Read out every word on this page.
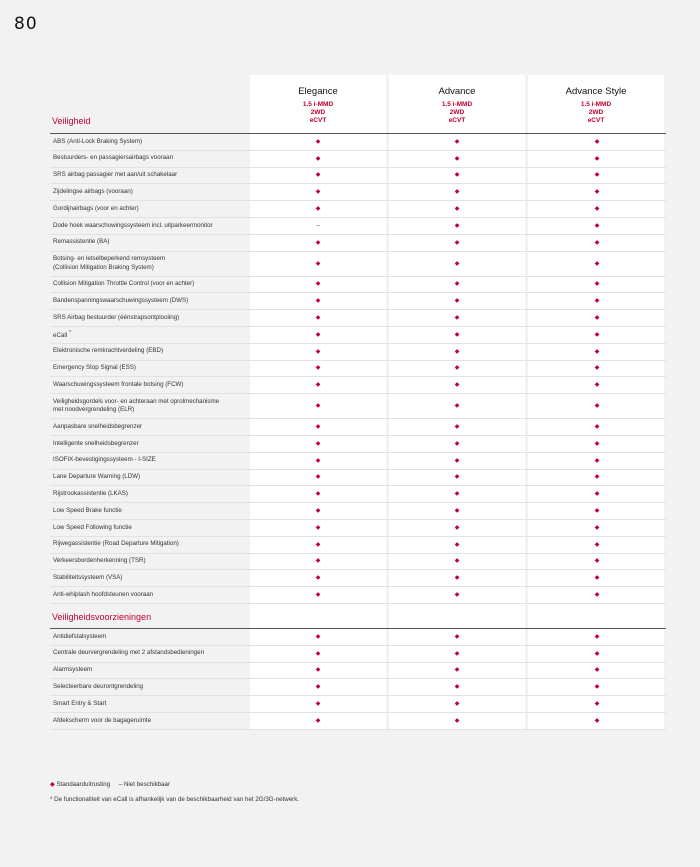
80
Elegance
1.5 i-MMD
2WD
eCVT
Advance
1.5 i-MMD
2WD
eCVT
Advance Style
1.5 i-MMD
2WD
eCVT
Veiligheid
ABS (Anti-Lock Braking System)	◆	◆	◆
Bestuurders- en passagiersairbags vooraan	◆	◆	◆
SRS airbag passagier met aan/uit schakelaar	◆	◆	◆
Zijdelingse airbags (vooraan)	◆	◆	◆
Gordijnairbags (voor en achter)	◆	◆	◆
Dode hoek waarschuwingssysteem incl. uitparkeermonitor	–	◆	◆
Remassistentie (BA)	◆	◆	◆
Botsing- en letselbeperkend remsysteem
(Collision Mitigation Braking System)	◆	◆	◆
Collision Mitigation Throttle Control (voor en achter)	◆	◆	◆
Bandenspanningswaarschuwingssysteem (DWS)	◆	◆	◆
SRS Airbag bestuurder (éénstrapsontplooiing)	◆	◆	◆
eCall *	◆	◆	◆
Elektronische remkrachtverdeling (EBD)	◆	◆	◆
Emergency Stop Signal (ESS)	◆	◆	◆
Waarschuwingssysteem frontale botsing (FCW)	◆	◆	◆
Veiligheidsgordels voor- en achteraan met oprolmechanisme
met noodvergrendeling (ELR)	◆	◆	◆
Aanpasbare snelheidsbegrenzer	◆	◆	◆
Intelligente snelheidsbegrenzer	◆	◆	◆
ISOFIX-bevestigingssysteem - I-SIZE	◆	◆	◆
Lane Departure Warning (LDW)	◆	◆	◆
Rijstrookassistentie (LKAS)	◆	◆	◆
Low Speed Brake functie	◆	◆	◆
Low Speed Following functie	◆	◆	◆
Rijwegassistentie (Road Departure Mitigation)	◆	◆	◆
Verkeersbordenherkenning (TSR)	◆	◆	◆
Stabiliteitssysteem (VSA)	◆	◆	◆
Anti-whiplash hoofdsteunen vooraan	◆	◆	◆
Veiligheidsvoorzieningen
Antidiefstalsysteem	◆	◆	◆
Centrale deurvergrendeling met 2 afstandsbedieningen	◆	◆	◆
Alarmsysteem	◆	◆	◆
Selecteerbare deurontgrendeling	◆	◆	◆
Smart Entry & Start	◆	◆	◆
Afdekscherm voor de bagageruimte	◆	◆	◆
◆ Standaarduitrusting – Niet beschikbaar
* De functionaliteit van eCall is afhankelijk van de beschikbaarheid van het 2G/3G-netwerk.
